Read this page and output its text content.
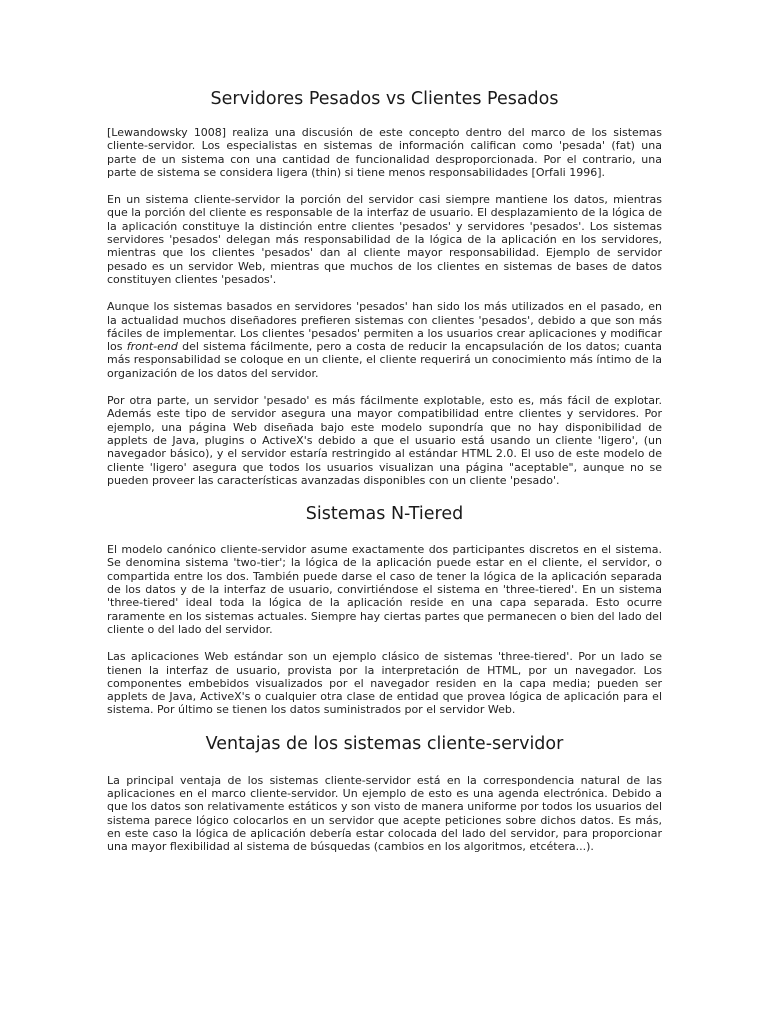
Servidores Pesados vs Clientes Pesados

[Lewandowsky 1008] realiza una discusión de este concepto dentro del marco de los sistemas cliente-servidor. Los especialistas en sistemas de información califican como 'pesada' (fat) una parte de un sistema con una cantidad de funcionalidad desproporcionada. Por el contrario, una parte de sistema se considera ligera (thin) si tiene menos responsabilidades [Orfali 1996].

En un sistema cliente-servidor la porción del servidor casi siempre mantiene los datos, mientras que la porción del cliente es responsable de la interfaz de usuario. El desplazamiento de la lógica de la aplicación constituye la distinción entre clientes 'pesados' y servidores 'pesados'. Los sistemas servidores 'pesados' delegan más responsabilidad de la lógica de la aplicación en los servidores, mientras que los clientes 'pesados' dan al cliente mayor responsabilidad. Ejemplo de servidor pesado es un servidor Web, mientras que muchos de los clientes en sistemas de bases de datos constituyen clientes 'pesados'.

Aunque los sistemas basados en servidores 'pesados' han sido los más utilizados en el pasado, en la actualidad muchos diseñadores prefieren sistemas con clientes 'pesados', debido a que son más fáciles de implementar. Los clientes 'pesados' permiten a los usuarios crear aplicaciones y modificar los front-end del sistema fácilmente, pero a costa de reducir la encapsulación de los datos; cuanta más responsabilidad se coloque en un cliente, el cliente requerirá un conocimiento más íntimo de la organización de los datos del servidor.

Por otra parte, un servidor 'pesado' es más fácilmente explotable, esto es, más fácil de explotar. Además este tipo de servidor asegura una mayor compatibilidad entre clientes y servidores. Por ejemplo, una página Web diseñada bajo este modelo supondría que no hay disponibilidad de applets de Java, plugins o ActiveX's debido a que el usuario está usando un cliente 'ligero', (un navegador básico), y el servidor estaría restringido al estándar HTML 2.0. El uso de este modelo de cliente 'ligero' asegura que todos los usuarios visualizan una página "aceptable", aunque no se pueden proveer las características avanzadas disponibles con un cliente 'pesado'.

Sistemas N-Tiered

El modelo canónico cliente-servidor asume exactamente dos participantes discretos en el sistema. Se denomina sistema 'two-tier'; la lógica de la aplicación puede estar en el cliente, el servidor, o compartida entre los dos. También puede darse el caso de tener la lógica de la aplicación separada de los datos y de la interfaz de usuario, convirtiéndose el sistema en 'three-tiered'. En un sistema 'three-tiered' ideal toda la lógica de la aplicación reside en una capa separada. Esto ocurre raramente en los sistemas actuales. Siempre hay ciertas partes que permanecen o bien del lado del cliente o del lado del servidor.

Las aplicaciones Web estándar son un ejemplo clásico de sistemas 'three-tiered'. Por un lado se tienen la interfaz de usuario, provista por la interpretación de HTML, por un navegador. Los componentes embebidos visualizados por el navegador residen en la capa media; pueden ser applets de Java, ActiveX's o cualquier otra clase de entidad que provea lógica de aplicación para el sistema. Por último se tienen los datos suministrados por el servidor Web.

Ventajas de los sistemas cliente-servidor

La principal ventaja de los sistemas cliente-servidor está en la correspondencia natural de las aplicaciones en el marco cliente-servidor. Un ejemplo de esto es una agenda electrónica. Debido a que los datos son relativamente estáticos y son visto de manera uniforme por todos los usuarios del sistema parece lógico colocarlos en un servidor que acepte peticiones sobre dichos datos. Es más, en este caso la lógica de aplicación debería estar colocada del lado del servidor, para proporcionar una mayor flexibilidad al sistema de búsquedas (cambios en los algoritmos, etcétera...).
